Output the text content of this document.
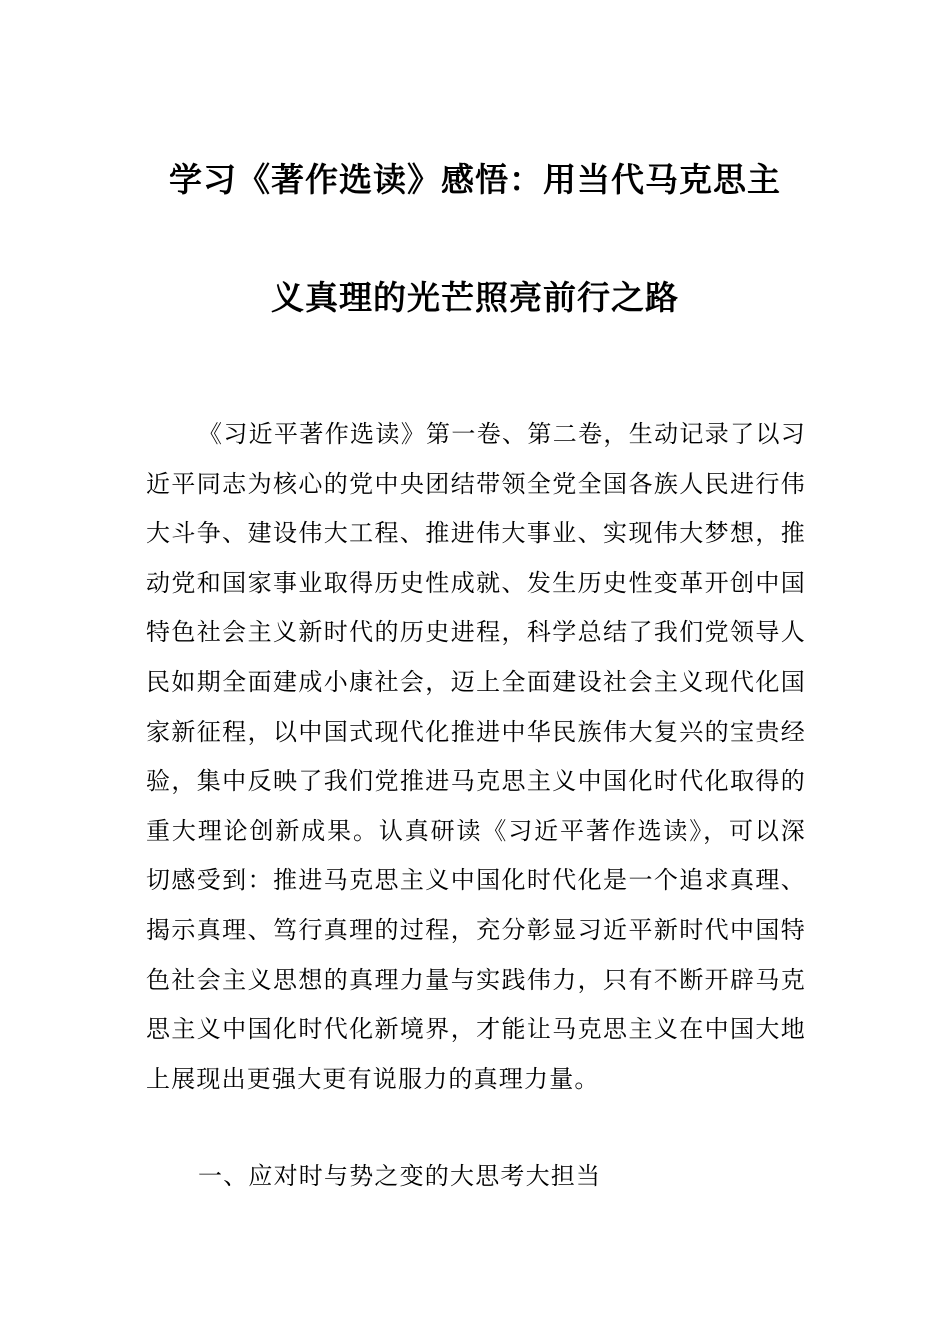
学习《著作选读》感悟：用当代马克思主
义真理的光芒照亮前行之路

《习近平著作选读》第一卷、第二卷，生动记录了以习近平同志为核心的党中央团结带领全党全国各族人民进行伟大斗争、建设伟大工程、推进伟大事业、实现伟大梦想，推动党和国家事业取得历史性成就、发生历史性变革开创中国特色社会主义新时代的历史进程，科学总结了我们党领导人民如期全面建成小康社会，迈上全面建设社会主义现代化国家新征程，以中国式现代化推进中华民族伟大复兴的宝贵经验，集中反映了我们党推进马克思主义中国化时代化取得的重大理论创新成果。认真研读《习近平著作选读》，可以深切感受到：推进马克思主义中国化时代化是一个追求真理、揭示真理、笃行真理的过程，充分彰显习近平新时代中国特色社会主义思想的真理力量与实践伟力，只有不断开辟马克思主义中国化时代化新境界，才能让马克思主义在中国大地上展现出更强大更有说服力的真理力量。

一、应对时与势之变的大思考大担当
